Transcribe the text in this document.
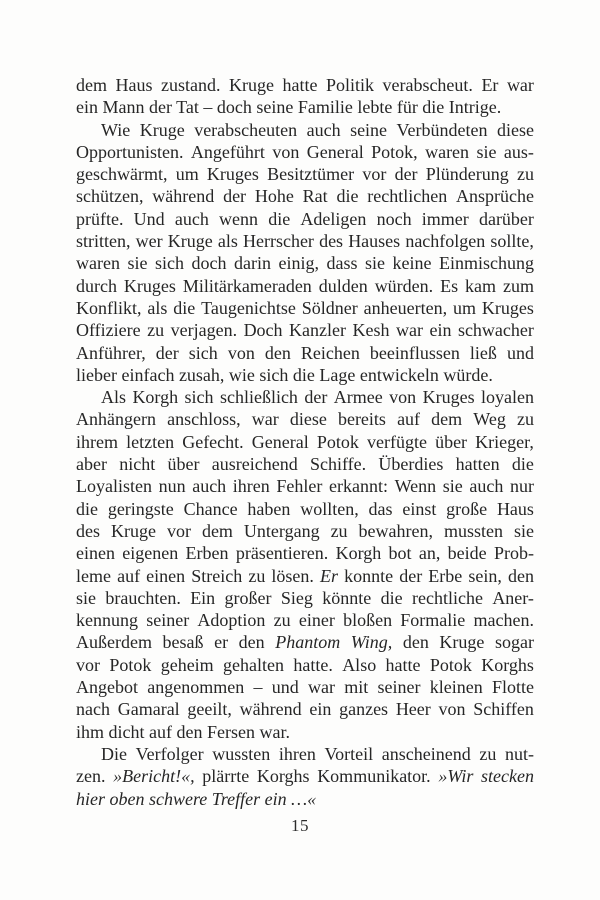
dem Haus zustand. Kruge hatte Politik verabscheut. Er war
ein Mann der Tat – doch seine Familie lebte für die Intrige.
Wie Kruge verabscheuten auch seine Verbündeten diese
Opportunisten. Angeführt von General Potok, waren sie aus-
geschwärmt, um Kruges Besitztümer vor der Plünderung zu
schützen, während der Hohe Rat die rechtlichen Ansprüche
prüfte. Und auch wenn die Adeligen noch immer darüber
stritten, wer Kruge als Herrscher des Hauses nachfolgen sollte,
waren sie sich doch darin einig, dass sie keine Einmischung
durch Kruges Militärkameraden dulden würden. Es kam zum
Konflikt, als die Taugenichtse Söldner anheuerten, um Kruges
Offiziere zu verjagen. Doch Kanzler Kesh war ein schwacher
Anführer, der sich von den Reichen beeinflussen ließ und
lieber einfach zusah, wie sich die Lage entwickeln würde.
Als Korgh sich schließlich der Armee von Kruges loyalen
Anhängern anschloss, war diese bereits auf dem Weg zu
ihrem letzten Gefecht. General Potok verfügte über Krieger,
aber nicht über ausreichend Schiffe. Überdies hatten die
Loyalisten nun auch ihren Fehler erkannt: Wenn sie auch nur
die geringste Chance haben wollten, das einst große Haus
des Kruge vor dem Untergang zu bewahren, mussten sie
einen eigenen Erben präsentieren. Korgh bot an, beide Prob-
leme auf einen Streich zu lösen. Er konnte der Erbe sein, den
sie brauchten. Ein großer Sieg könnte die rechtliche Aner-
kennung seiner Adoption zu einer bloßen Formalie machen.
Außerdem besaß er den Phantom Wing, den Kruge sogar
vor Potok geheim gehalten hatte. Also hatte Potok Korghs
Angebot angenommen – und war mit seiner kleinen Flotte
nach Gamaral geeilt, während ein ganzes Heer von Schiffen
ihm dicht auf den Fersen war.
Die Verfolger wussten ihren Vorteil anscheinend zu nut-
zen. »Bericht!«, plärrte Korghs Kommunikator. »Wir stecken
hier oben schwere Treffer ein …«
15
